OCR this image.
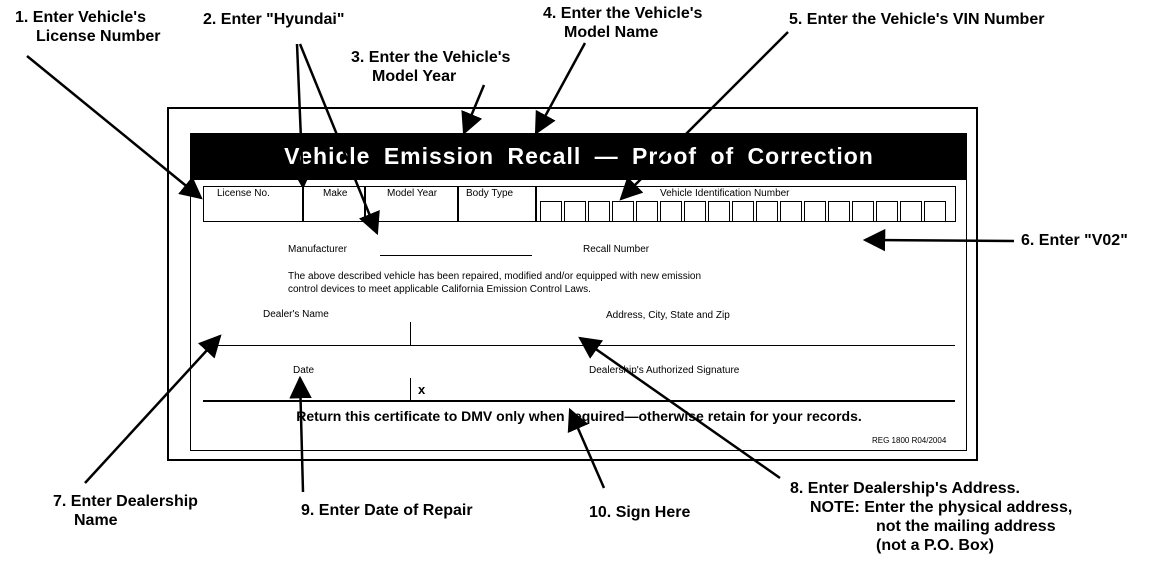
1. Enter Vehicle's
License Number
2. Enter "Hyundai"
3. Enter the Vehicle's
Model Year
4. Enter the Vehicle's
Model Name
5. Enter the Vehicle's VIN Number
6. Enter "V02"
7. Enter Dealership
Name
8. Enter Dealership's Address.
NOTE: Enter the physical address,
not the mailing address
(not a P.O. Box)
9. Enter Date of Repair	10. Sign Here
Vehicle Emission Recall — Proof of Correction
License No.	Make	Model Year	Body Type	Vehicle Identification Number
Manufacturer	Recall Number
The above described vehicle has been repaired, modified and/or equipped with new emission
control devices to meet applicable California Emission Control Laws.
Dealer's Name	Address, City, State and Zip
Date	Dealership's Authorized Signature
x
Return this certificate to DMV only when required—otherwise retain for your records.
REG 1800 R04/2004
